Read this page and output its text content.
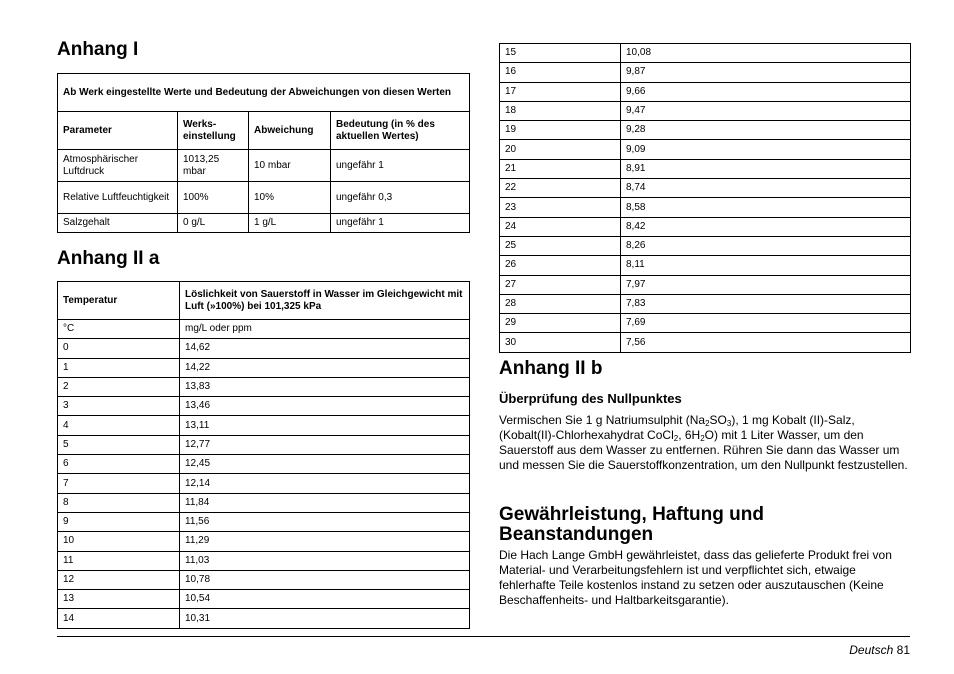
Anhang I
Ab Werk eingestellte Werte und Bedeutung der Abweichungen von diesen Werten			
Parameter	Werks-einstellung	Abweichung	Bedeutung (in % des aktuellen Wertes)
Atmosphärischer Luftdruck	1013,25 mbar	10 mbar	ungefähr 1
Relative Luftfeuchtigkeit	100%	10%	ungefähr 0,3
Salzgehalt	0 g/L	1 g/L	ungefähr 1
Anhang II a
Temperatur	Löslichkeit von Sauerstoff in Wasser im Gleichgewicht mit Luft (»100%) bei 101,325 kPa
°C	mg/L oder ppm
0	14,62
1	14,22
2	13,83
3	13,46
4	13,11
5	12,77
6	12,45
7	12,14
8	11,84
9	11,56
10	11,29
11	11,03
12	10,78
13	10,54
14	10,31
15	10,08
16	9,87
17	9,66
18	9,47
19	9,28
20	9,09
21	8,91
22	8,74
23	8,58
24	8,42
25	8,26
26	8,11
27	7,97
28	7,83
29	7,69
30	7,56
Anhang II b
Überprüfung des Nullpunktes

Vermischen Sie 1 g Natriumsulphit $(Na_2SO_3)$, 1 mg Kobalt (II)-Salz, (Kobalt(II)-Chlorhexahydrat CoCl$_2$, $6H_2O$) mit 1 Liter Wasser, um den Sauerstoff aus dem Wasser zu entfernen. Rühren Sie dann das Wasser um und messen Sie die Sauerstoffkonzentration, um den Nullpunkt festzustellen.

Gewährleistung, Haftung und Beanstandungen

Die Hach Lange GmbH gewährleistet, dass das gelieferte Produkt frei von Material- und Verarbeitungsfehlern ist und verpflichtet sich, etwaige fehlerhafte Teile kostenlos instand zu setzen oder auszutauschen (Keine Beschaffenheits- und Haltbarkeitsgarantie).

Deutsch 81
